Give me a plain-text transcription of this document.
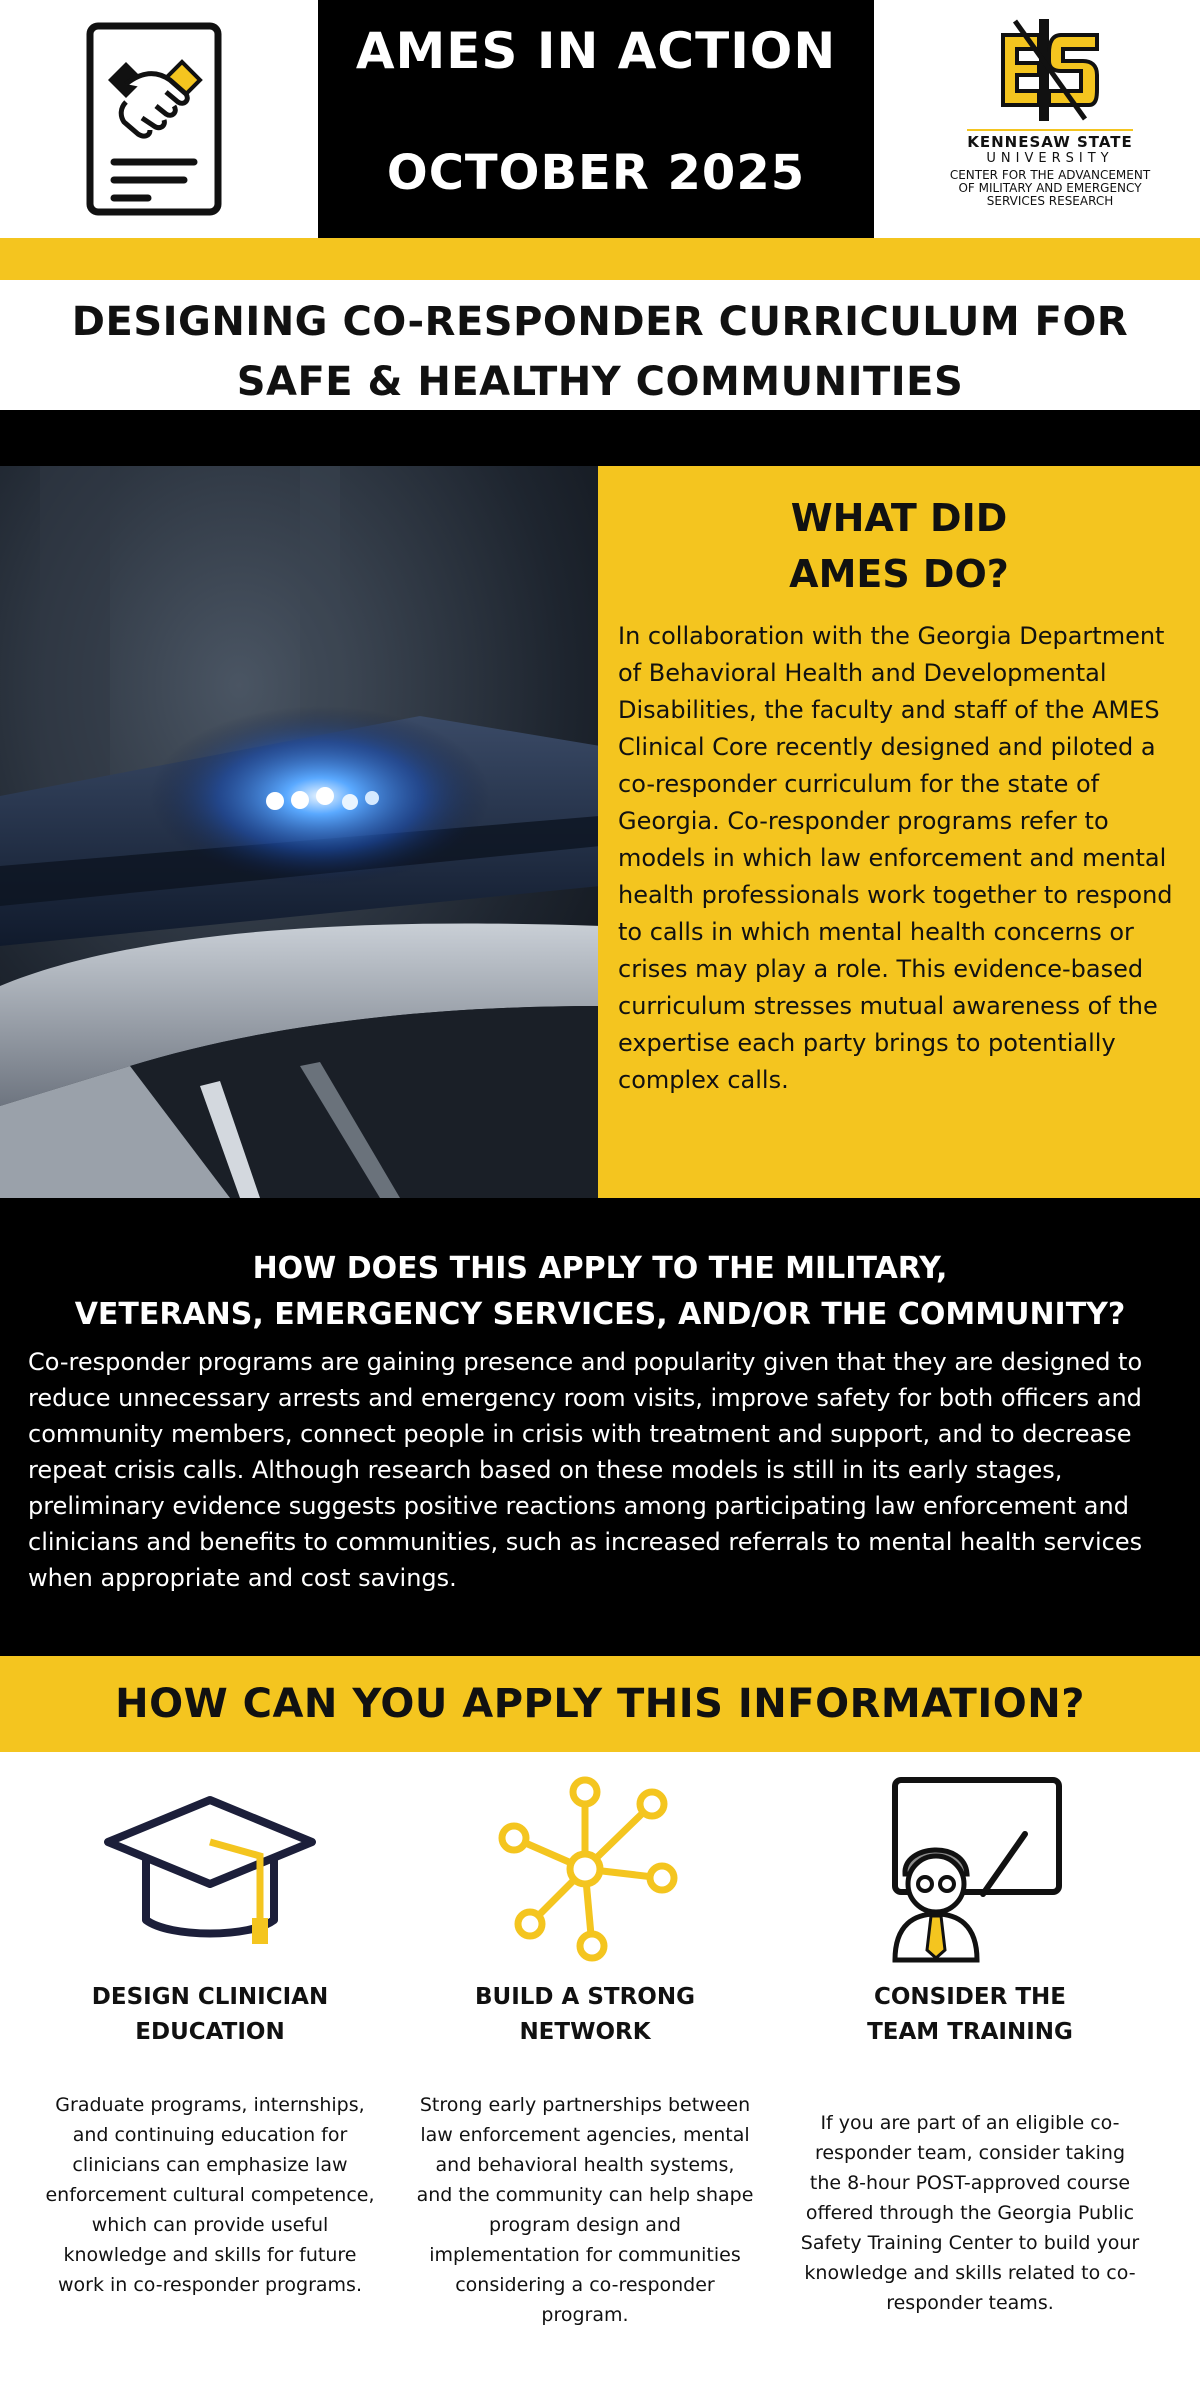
AMES IN ACTION
OCTOBER 2025
KENNESAW STATE
UNIVERSITY
CENTER FOR THE ADVANCEMENT
OF MILITARY AND EMERGENCY
SERVICES RESEARCH
DESIGNING CO-RESPONDER CURRICULUM FOR
SAFE & HEALTHY COMMUNITIES
WHAT DID
AMES DO?
In collaboration with the Georgia Department of Behavioral Health and Developmental Disabilities, the faculty and staff of the AMES Clinical Core recently designed and piloted a co-responder curriculum for the state of Georgia. Co-responder programs refer to models in which law enforcement and mental health professionals work together to respond to calls in which mental health concerns or crises may play a role. This evidence-based curriculum stresses mutual awareness of the expertise each party brings to potentially complex calls.
HOW DOES THIS APPLY TO THE MILITARY,
VETERANS, EMERGENCY SERVICES, AND/OR THE COMMUNITY?
Co-responder programs are gaining presence and popularity given that they are designed to reduce unnecessary arrests and emergency room visits, improve safety for both officers and community members, connect people in crisis with treatment and support, and to decrease repeat crisis calls. Although research based on these models is still in its early stages, preliminary evidence suggests positive reactions among participating law enforcement and clinicians and benefits to communities, such as increased referrals to mental health services when appropriate and cost savings.
HOW CAN YOU APPLY THIS INFORMATION?
DESIGN CLINICIAN
EDUCATION
Graduate programs, internships, and continuing education for clinicians can emphasize law enforcement cultural competence, which can provide useful knowledge and skills for future work in co-responder programs.
BUILD A STRONG
NETWORK
Strong early partnerships between law enforcement agencies, mental and behavioral health systems, and the community can help shape program design and implementation for communities considering a co-responder program.
CONSIDER THE
TEAM TRAINING
If you are part of an eligible co-responder team, consider taking the 8-hour POST-approved course offered through the Georgia Public Safety Training Center to build your knowledge and skills related to co-responder teams.
